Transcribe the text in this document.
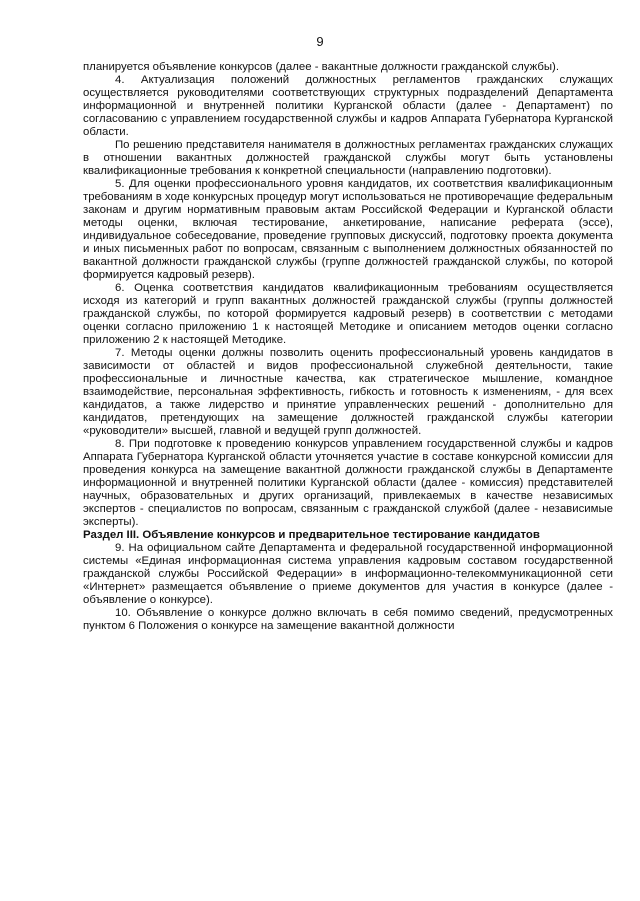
9

планируется объявление конкурсов (далее - вакантные должности гражданской службы).

4. Актуализация положений должностных регламентов гражданских служащих осуществляется руководителями соответствующих структурных подразделений Департамента информационной и внутренней политики Курганской области (далее - Департамент) по согласованию с управлением государственной службы и кадров Аппарата Губернатора Курганской области.

По решению представителя нанимателя в должностных регламентах гражданских служащих в отношении вакантных должностей гражданской службы могут быть установлены квалификационные требования к конкретной специальности (направлению подготовки).

5. Для оценки профессионального уровня кандидатов, их соответствия квалификационным требованиям в ходе конкурсных процедур могут использоваться не противоречащие федеральным законам и другим нормативным правовым актам Российской Федерации и Курганской области методы оценки, включая тестирование, анкетирование, написание реферата (эссе), индивидуальное собеседование, проведение групповых дискуссий, подготовку проекта документа и иных письменных работ по вопросам, связанным с выполнением должностных обязанностей по вакантной должности гражданской службы (группе должностей гражданской службы, по которой формируется кадровый резерв).

6. Оценка соответствия кандидатов квалификационным требованиям осуществляется исходя из категорий и групп вакантных должностей гражданской службы (группы должностей гражданской службы, по которой формируется кадровый резерв) в соответствии с методами оценки согласно приложению 1 к настоящей Методике и описанием методов оценки согласно приложению 2 к настоящей Методике.

7. Методы оценки должны позволить оценить профессиональный уровень кандидатов в зависимости от областей и видов профессиональной служебной деятельности, такие профессиональные и личностные качества, как стратегическое мышление, командное взаимодействие, персональная эффективность, гибкость и готовность к изменениям, - для всех кандидатов, а также лидерство и принятие управленческих решений - дополнительно для кандидатов, претендующих на замещение должностей гражданской службы категории «руководители» высшей, главной и ведущей групп должностей.

8. При подготовке к проведению конкурсов управлением государственной службы и кадров Аппарата Губернатора Курганской области уточняется участие в составе конкурсной комиссии для проведения конкурса на замещение вакантной должности гражданской службы в Департаменте информационной и внутренней политики Курганской области (далее - комиссия) представителей научных, образовательных и других организаций, привлекаемых в качестве независимых экспертов - специалистов по вопросам, связанным с гражданской службой (далее - независимые эксперты).

Раздел III. Объявление конкурсов и предварительное тестирование кандидатов

9. На официальном сайте Департамента и федеральной государственной информационной системы «Единая информационная система управления кадровым составом государственной гражданской службы Российской Федерации» в информационно-телекоммуникационной сети «Интернет» размещается объявление о приеме документов для участия в конкурсе (далее - объявление о конкурсе).

10. Объявление о конкурсе должно включать в себя помимо сведений, предусмотренных пунктом 6 Положения о конкурсе на замещение вакантной должности
